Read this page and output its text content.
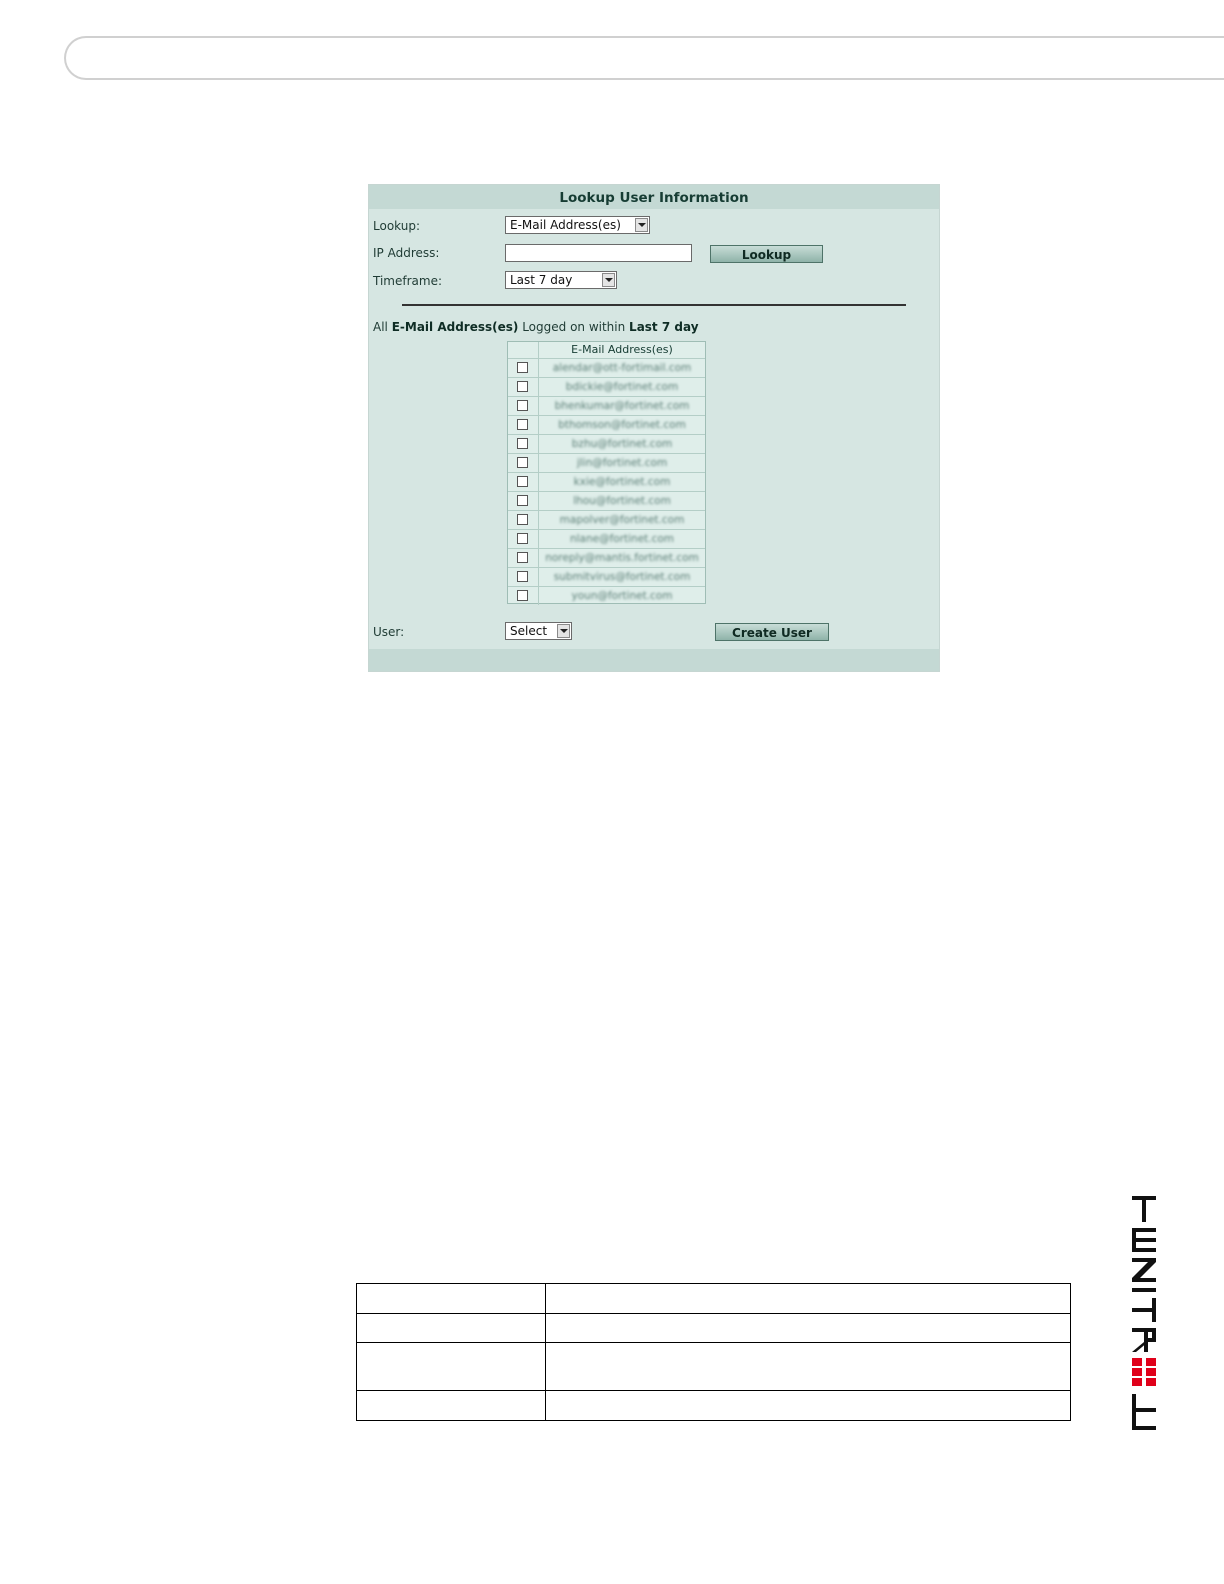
Lookup User Information
Lookup:	E-Mail Address(es)
IP Address:	Lookup
Timeframe:	Last 7 day
All E-Mail Address(es) Logged on within Last 7 day
E-Mail Address(es)
alendar@ott-fortimail.com
bdickie@fortinet.com
bhenkumar@fortinet.com
bthomson@fortinet.com
bzhu@fortinet.com
jlin@fortinet.com
kxie@fortinet.com
lhou@fortinet.com
mapolver@fortinet.com
nlane@fortinet.com
noreply@mantis.fortinet.com
submitvirus@fortinet.com
youn@fortinet.com
User:	Select	Create User
